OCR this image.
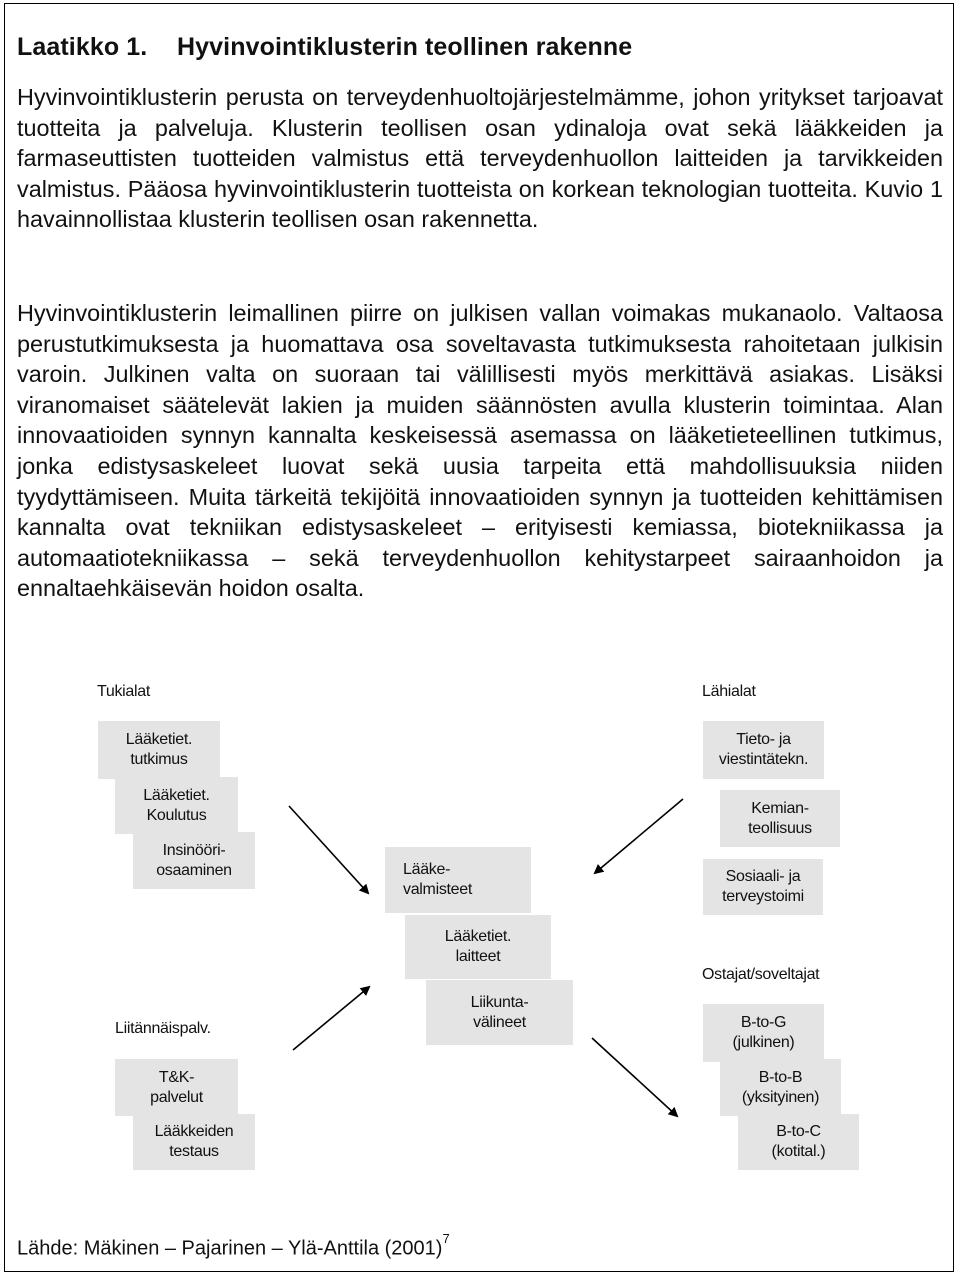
Laatikko 1. Hyvinvointiklusterin teollinen rakenne

Hyvinvointiklusterin perusta on terveydenhuoltojärjestelmämme, johon yritykset tarjoavat tuotteita ja palveluja. Klusterin teollisen osan ydinaloja ovat sekä lääkkeiden ja farmaseuttisten tuotteiden valmistus että terveydenhuollon laitteiden ja tarvikkeiden valmistus. Pääosa hyvinvointiklusterin tuotteista on korkean teknologian tuotteita. Kuvio 1 havainnollistaa klusterin teollisen osan rakennetta.

Hyvinvointiklusterin leimallinen piirre on julkisen vallan voimakas mukanaolo. Valtaosa perustutkimuksesta ja huomattava osa soveltavasta tutkimuksesta rahoitetaan julkisin varoin. Julkinen valta on suoraan tai välillisesti myös merkittävä asiakas. Lisäksi viranomaiset säätelevät lakien ja muiden säännösten avulla klusterin toimintaa. Alan innovaatioiden synnyn kannalta keskeisessä asemassa on lääketieteellinen tutkimus, jonka edistysaskeleet luovat sekä uusia tarpeita että mahdollisuuksia niiden tyydyttämiseen. Muita tärkeitä tekijöitä innovaatioiden synnyn ja tuotteiden kehittämisen kannalta ovat tekniikan edistysaskeleet – erityisesti kemiassa, biotekniikassa ja automaatiotekniikassa – sekä terveydenhuollon kehitystarpeet sairaanhoidon ja ennaltaehkäisevän hoidon osalta.

Tukialat
Lääketiet.
tutkimus
Lääketiet.
Koulutus
Insinööri-
osaaminen
Lähialat
Tieto- ja
viestintätekn.
Kemian-
teollisuus
Sosiaali- ja
terveystoimi
Lääke-
valmisteet
Lääketiet.
laitteet
Liikunta-
välineet
Liitännäispalv.
T&K-
palvelut
Lääkkeiden
testaus
Ostajat/soveltajat
B-to-G
(julkinen)
B-to-B
(yksityinen)
B-to-C
(kotital.)
Lähde: Mäkinen – Pajarinen – Ylä-Anttila $(2001)^7$
